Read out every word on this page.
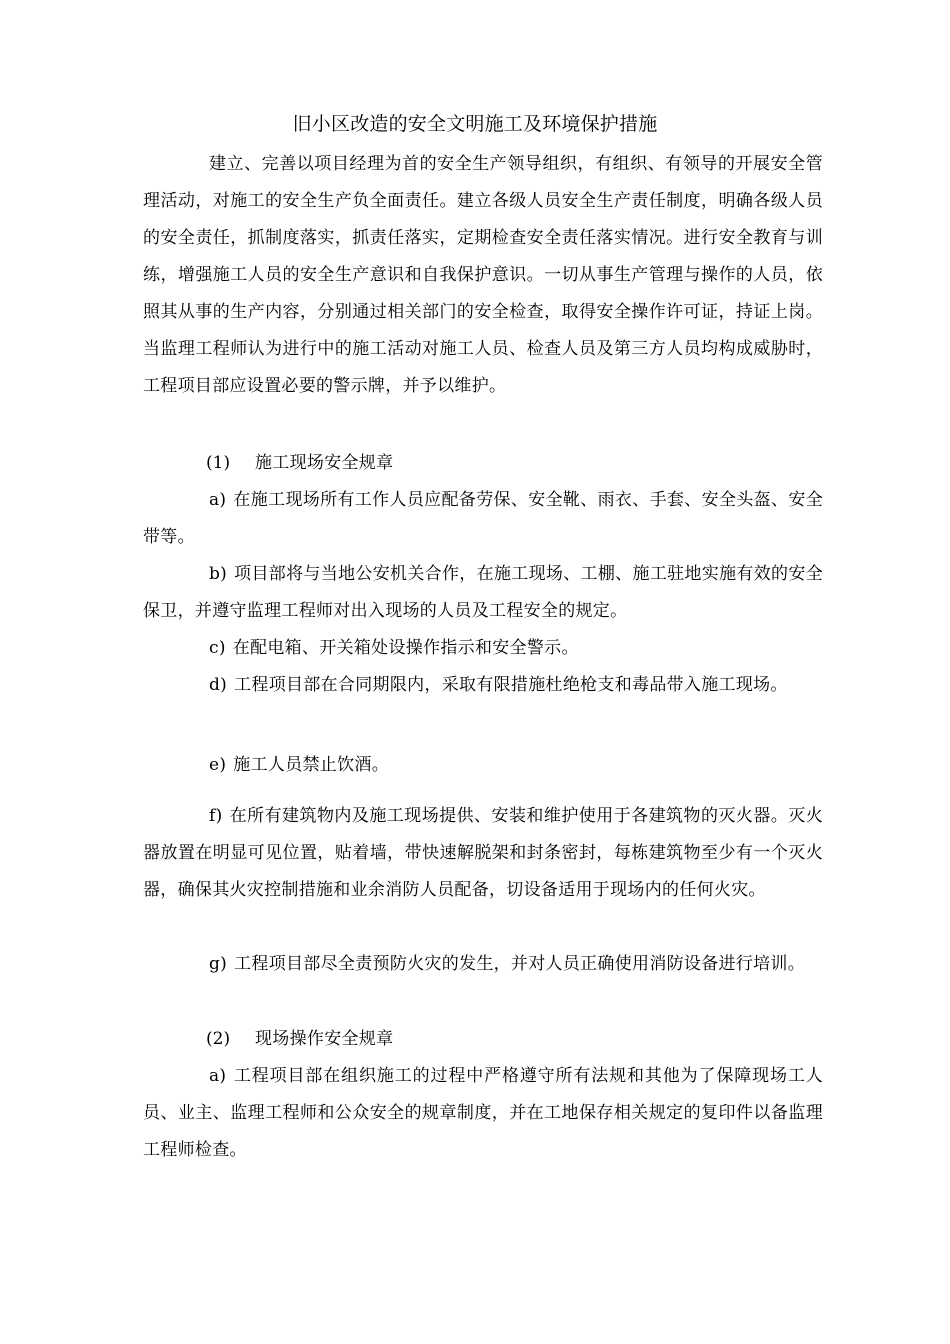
旧小区改造的安全文明施工及环境保护措施

建立、完善以项目经理为首的安全生产领导组织，有组织、有领导的开展安全管理活动，对施工的安全生产负全面责任。建立各级人员安全生产责任制度，明确各级人员的安全责任，抓制度落实，抓责任落实，定期检查安全责任落实情况。进行安全教育与训练，增强施工人员的安全生产意识和自我保护意识。一切从事生产管理与操作的人员，依照其从事的生产内容，分别通过相关部门的安全检查，取得安全操作许可证，持证上岗。当监理工程师认为进行中的施工活动对施工人员、检查人员及第三方人员均构成威胁时，工程项目部应设置必要的警示牌，并予以维护。

(1) 施工现场安全规章

a) 在施工现场所有工作人员应配备劳保、安全靴、雨衣、手套、安全头盔、安全带等。

b) 项目部将与当地公安机关合作，在施工现场、工棚、施工驻地实施有效的安全保卫，并遵守监理工程师对出入现场的人员及工程安全的规定。

c) 在配电箱、开关箱处设操作指示和安全警示。

d) 工程项目部在合同期限内，采取有限措施杜绝枪支和毒品带入施工现场。

e) 施工人员禁止饮酒。

f) 在所有建筑物内及施工现场提供、安装和维护使用于各建筑物的灭火器。灭火器放置在明显可见位置，贴着墙，带快速解脱架和封条密封，每栋建筑物至少有一个灭火器，确保其火灾控制措施和业余消防人员配备，切设备适用于现场内的任何火灾。

g) 工程项目部尽全责预防火灾的发生，并对人员正确使用消防设备进行培训。

(2) 现场操作安全规章

a) 工程项目部在组织施工的过程中严格遵守所有法规和其他为了保障现场工人员、业主、监理工程师和公众安全的规章制度，并在工地保存相关规定的复印件以备监理工程师检查。
